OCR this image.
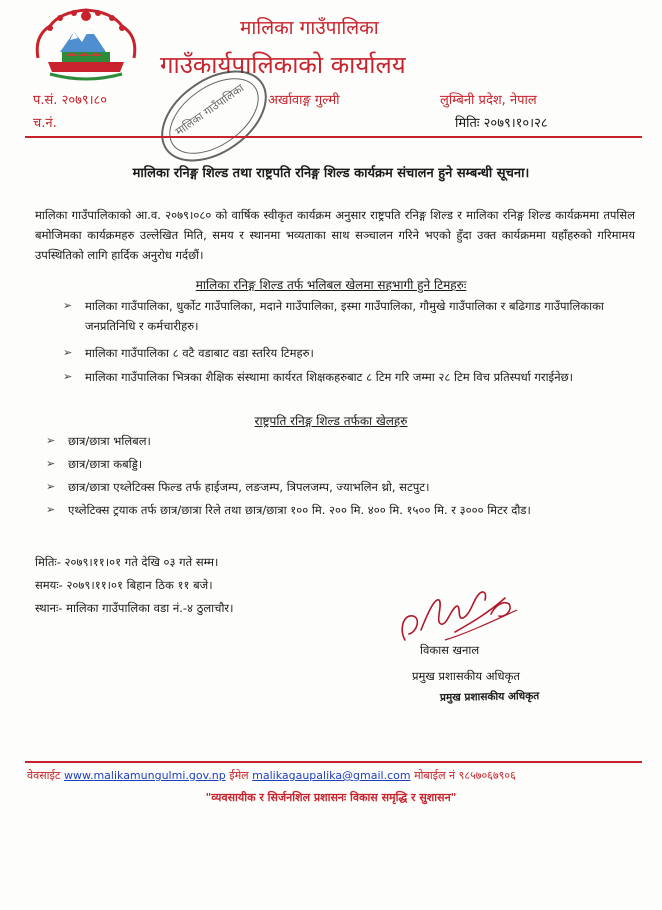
मालिका गाउँपालिका
गाउँकार्यपालिकाको कार्यालय
प.सं. २०७९।८०
च.नं.
अर्खावाङ्ग गुल्मी	लुम्बिनी प्रदेश, नेपाल
मितिः २०७९।१०।२८
मालिका गाउँपालिका
मालिका रनिङ्ग शिल्ड तथा राष्ट्रपति रनिङ्ग शिल्ड कार्यक्रम संचालन हुने सम्बन्धी सूचना।
मालिका गाउँपालिकाको आ.व. २०७९।०८० को वार्षिक स्वीकृत कार्यक्रम अनुसार राष्ट्रपति रनिङ्ग शिल्ड र मालिका रनिङ्ग शिल्ड कार्यक्रममा तपसिल बमोजिमका कार्यक्रमहरु उल्लेखित मिति, समय र स्थानमा भव्यताका साथ सञ्चालन गरिने भएको हुँदा उक्त कार्यक्रममा यहाँहरुको गरिमामय उपस्थितिको लागि हार्दिक अनुरोध गर्दछौं।
मालिका रनिङ्ग शिल्ड तर्फ भलिबल खेलमा सहभागी हुने टिमहरुः
➢ मालिका गाउँपालिका, धुर्कोट गाउँपालिका, मदाने गाउँपालिका, इस्मा गाउँपालिका, गौमुखे गाउँपालिका र बढिगाड गाउँपालिकाका जनप्रतिनिधि र कर्मचारीहरु।
➢ मालिका गाउँपालिका ८ वटै वडाबाट वडा स्तरिय टिमहरु।
➢ मालिका गाउँपालिका भित्रका शैक्षिक संस्थामा कार्यरत शिक्षकहरुबाट ८ टिम गरि जम्मा २८ टिम विच प्रतिस्पर्धा गराईनेछ।
राष्ट्रपति रनिङ्ग शिल्ड तर्फका खेलहरु
➢ छात्र/छात्रा भलिबल।
➢ छात्र/छात्रा कबड्डि।
➢ छात्र/छात्रा एथ्लेटिक्स फिल्ड तर्फ हाईजम्प, लङजम्प, त्रिपलजम्प, ज्याभलिन थ्रो, सटपुट।
➢ एथ्लेटिक्स ट्रयाक तर्फ छात्र/छात्रा रिले तथा छात्र/छात्रा १०० मि. २०० मि. ४०० मि. १५०० मि. र ३००० मिटर दौड।
मितिः- २०७९।११।०१ गते देखि ०३ गते सम्म।
समयः- २०७९।११।०१ बिहान ठिक ११ बजे।
स्थानः- मालिका गाउँपालिका वडा नं.-४ ठुलाचौर।
विकास खनाल
प्रमुख प्रशासकीय अधिकृत
प्रमुख प्रशासकीय अधिकृत
वेवसाईट www.malikamungulmi.gov.np ईमेल malikagaupalika@gmail.com मोबाईल नं ९८५७०६७९०६
"व्यवसायीक र सिर्जनशिल प्रशासनः विकास समृद्धि र सुशासन"
